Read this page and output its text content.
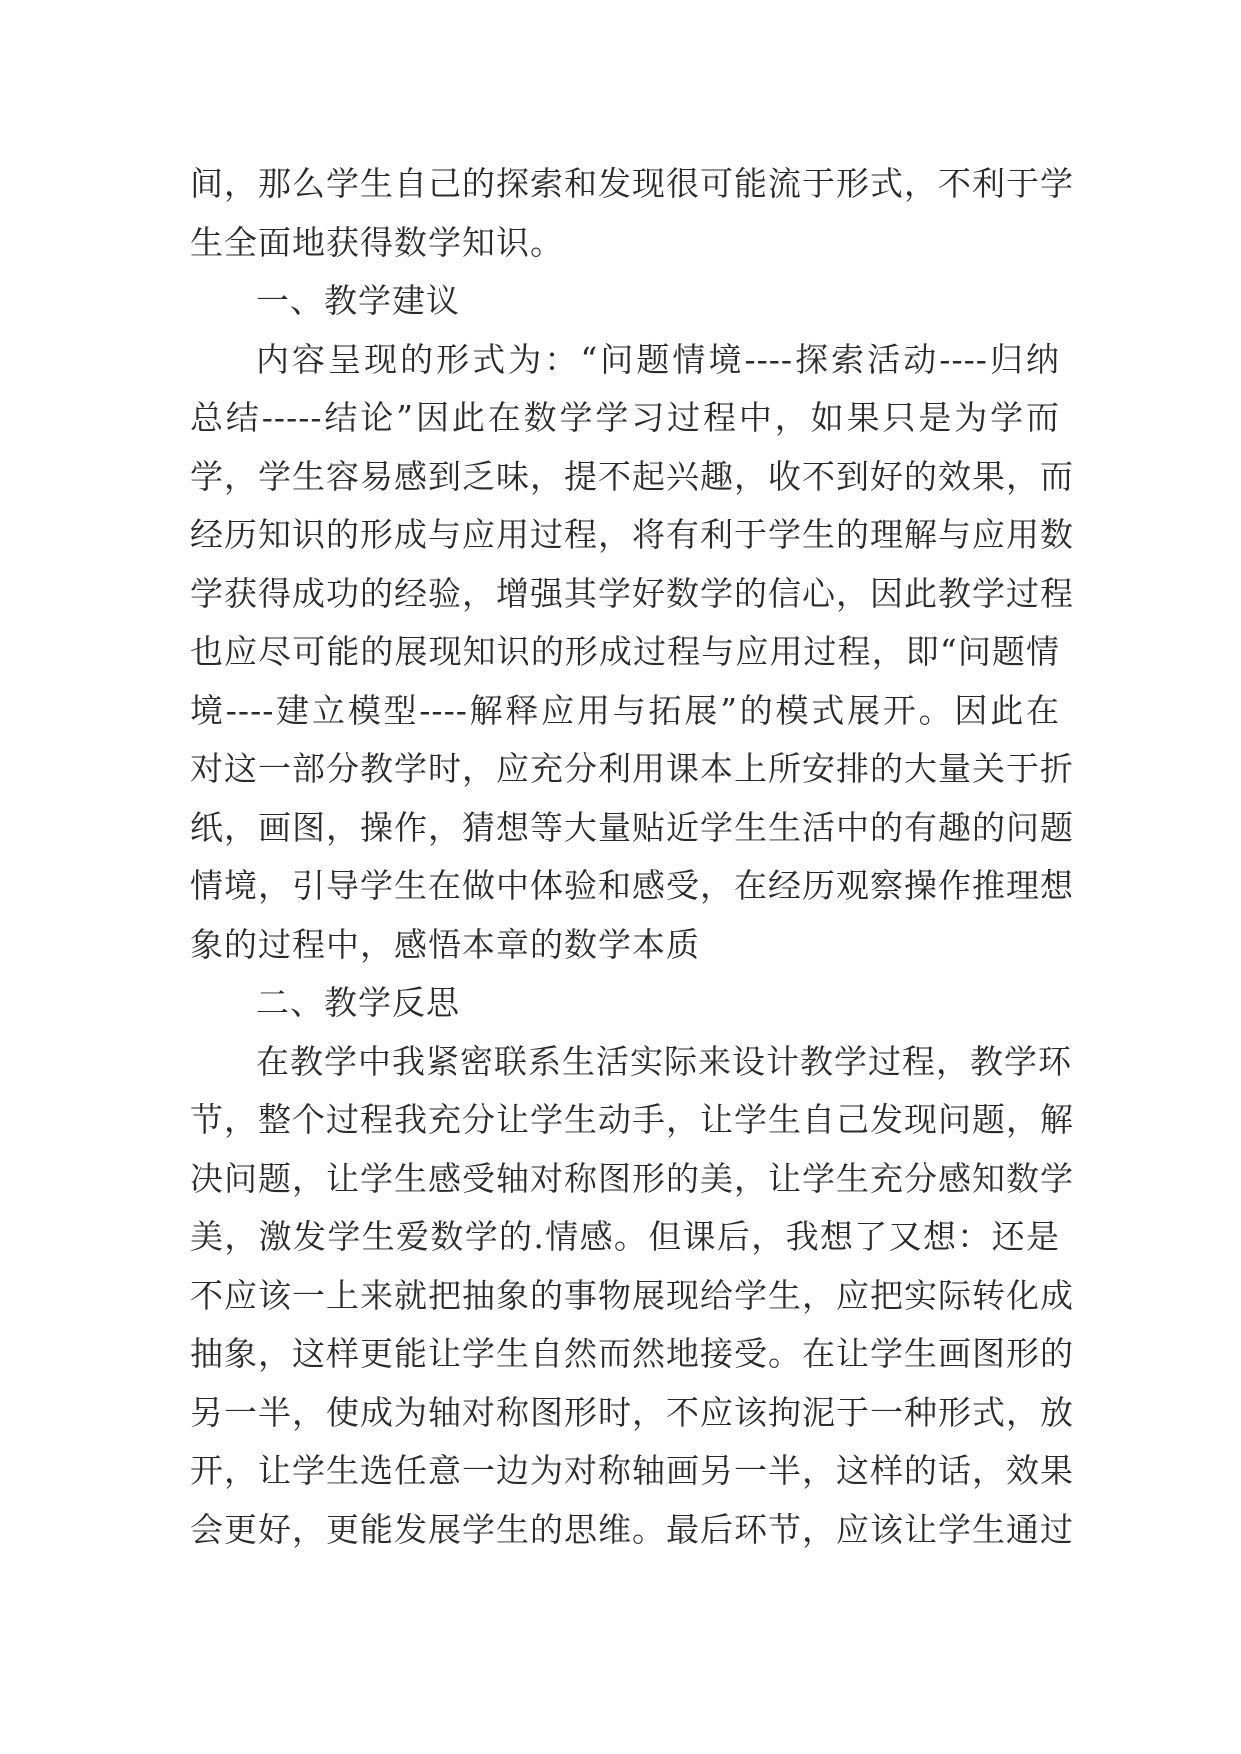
间，那么学生自己的探索和发现很可能流于形式，不利于学
生全面地获得数学知识。
一、教学建议
内容呈现的形式为：“问题情境----探索活动----归纳
总结-----结论”因此在数学学习过程中，如果只是为学而
学，学生容易感到乏味，提不起兴趣，收不到好的效果，而
经历知识的形成与应用过程，将有利于学生的理解与应用数
学获得成功的经验，增强其学好数学的信心，因此教学过程
也应尽可能的展现知识的形成过程与应用过程，即“问题情
境----建立模型----解释应用与拓展”的模式展开。因此在
对这一部分教学时，应充分利用课本上所安排的大量关于折
纸，画图，操作，猜想等大量贴近学生生活中的有趣的问题
情境，引导学生在做中体验和感受，在经历观察操作推理想
象的过程中，感悟本章的数学本质
二、教学反思
在教学中我紧密联系生活实际来设计教学过程，教学环
节，整个过程我充分让学生动手，让学生自己发现问题，解
决问题，让学生感受轴对称图形的美，让学生充分感知数学
美，激发学生爱数学的.情感。但课后，我想了又想：还是
不应该一上来就把抽象的事物展现给学生，应把实际转化成
抽象，这样更能让学生自然而然地接受。在让学生画图形的
另一半，使成为轴对称图形时，不应该拘泥于一种形式，放
开，让学生选任意一边为对称轴画另一半，这样的话，效果
会更好，更能发展学生的思维。最后环节，应该让学生通过
